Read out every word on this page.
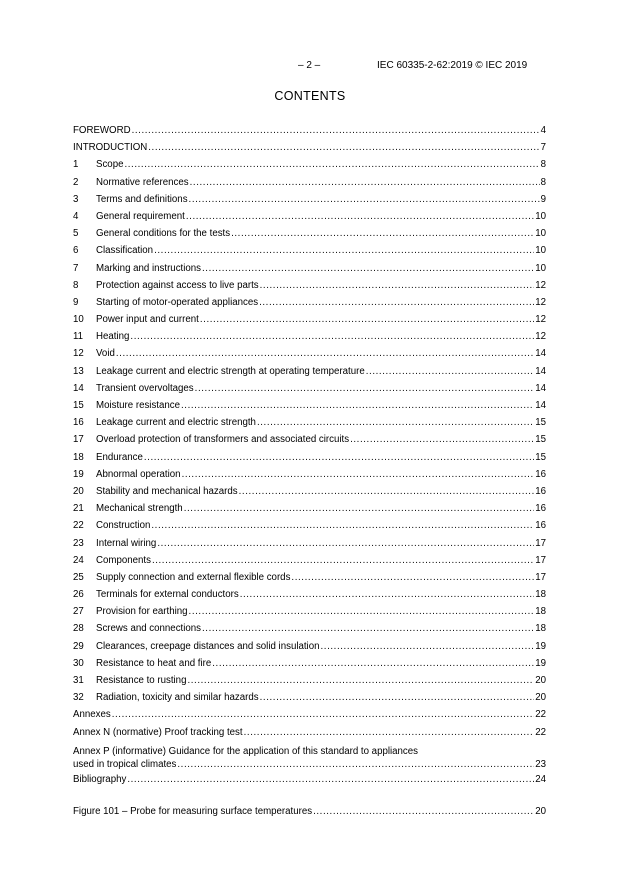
– 2 –	IEC 60335-2-62:2019 © IEC 2019
CONTENTS
FOREWORD .....	4
INTRODUCTION .....	7
1	Scope .....	8
2	Normative references .....	8
3	Terms and definitions .....	9
4	General requirement .....	10
5	General conditions for the tests .....	10
6	Classification .....	10
7	Marking and instructions .....	10
8	Protection against access to live parts .....	12
9	Starting of motor-operated appliances .....	12
10	Power input and current .....	12
11	Heating .....	12
12	Void .....	14
13	Leakage current and electric strength at operating temperature .....	14
14	Transient overvoltages .....	14
15	Moisture resistance .....	14
16	Leakage current and electric strength .....	15
17	Overload protection of transformers and associated circuits .....	15
18	Endurance .....	15
19	Abnormal operation .....	16
20	Stability and mechanical hazards .....	16
21	Mechanical strength .....	16
22	Construction .....	16
23	Internal wiring .....	17
24	Components .....	17
25	Supply connection and external flexible cords .....	17
26	Terminals for external conductors .....	18
27	Provision for earthing .....	18
28	Screws and connections .....	18
29	Clearances, creepage distances and solid insulation .....	19
30	Resistance to heat and fire .....	19
31	Resistance to rusting .....	20
32	Radiation, toxicity and similar hazards .....	20
Annexes .....	22
Annex N (normative) Proof tracking test .....	22
Annex P (informative) Guidance for the application of this standard to appliances
used in tropical climates .....	23
Bibliography .....	24
Figure 101 – Probe for measuring surface temperatures .....	20
